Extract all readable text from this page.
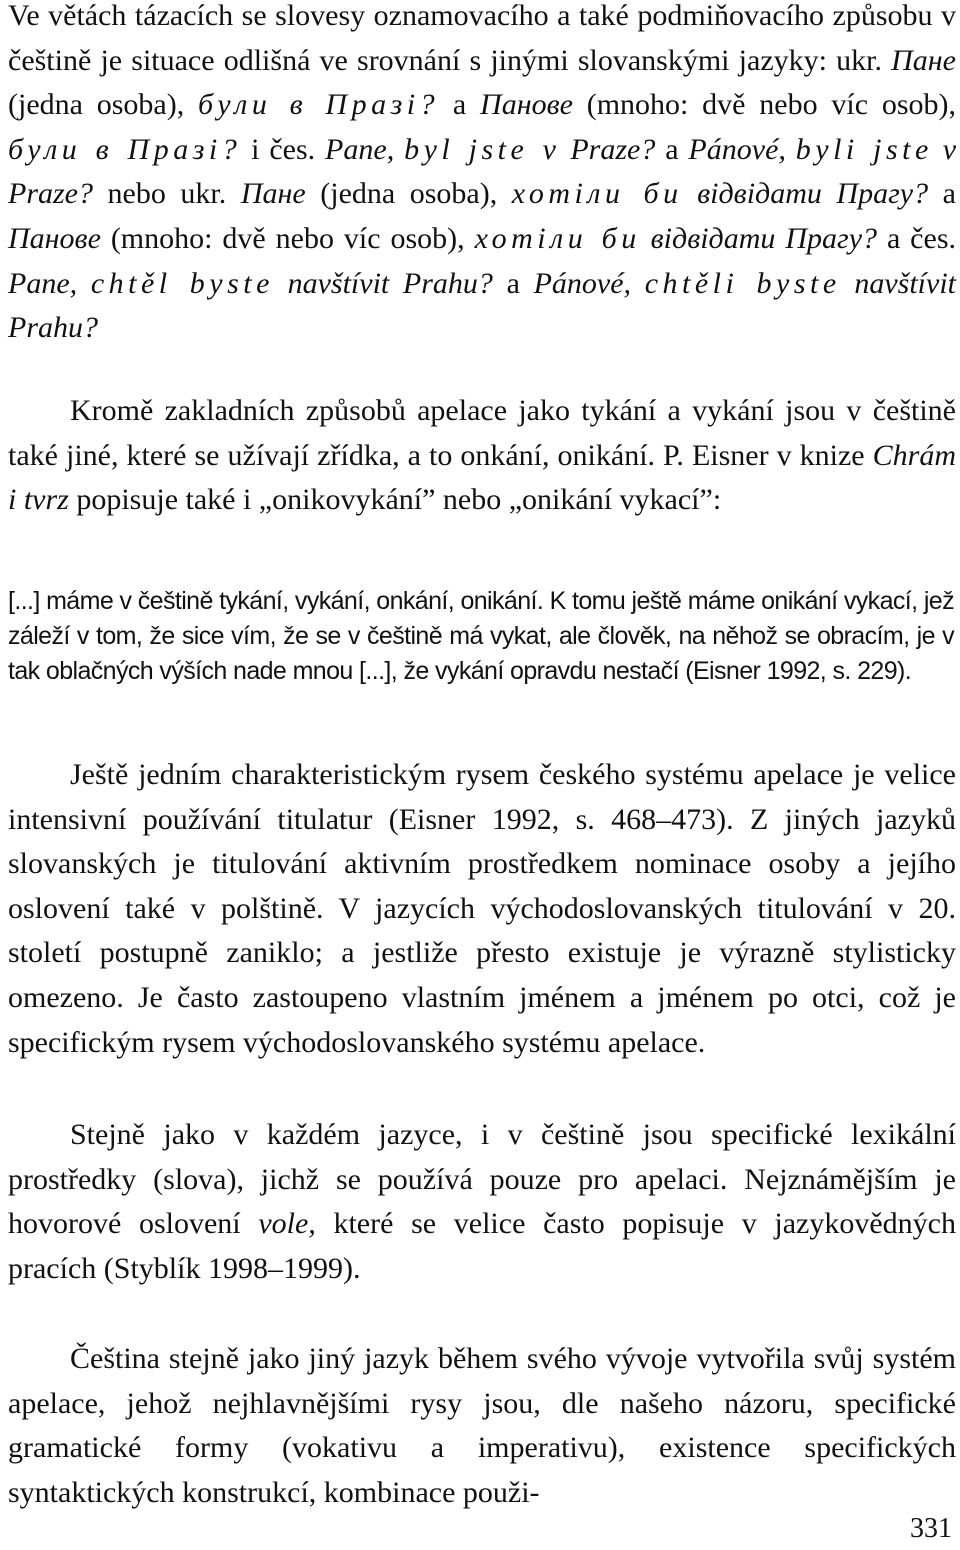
Ve větách tázacích se slovesy oznamovacího a také podmiňovacího způsobu v češtině je situace odlišná ve srovnání s jinými slovanskými jazyky: ukr. Пане (jedna osoba), були в Празі? a Панове (mnoho: dvě nebo víc osob), були в Празі? i čes. Pane, byl jste v Praze? a Pánové, byli jste v Praze? nebo ukr. Пане (jedna osoba), хотіли би відвідати Прагу? a Панове (mnoho: dvě nebo víc osob), хотіли би відвідати Прагу? a čes. Pane, chtěl byste navštívit Prahu? a Pánové, chtěli byste navštívit Prahu?

Kromě zakladních způsobů apelace jako tykání a vykání jsou v češtině také jiné, které se užívají zřídka, a to onkání, onikání. P. Eisner v knize Chrám i tvrz popisuje také i „onikovykání” nebo „onikání vykací”:

[...] máme v češtině tykání, vykání, onkání, onikání. K tomu ještě máme onikání vykací, jež záleží v tom, že sice vím, že se v češtině má vykat, ale člověk, na něhož se obracím, je v tak oblačných výších nade mnou [...], že vykání opravdu nestačí (Eisner 1992, s. 229).

Ještě jedním charakteristickým rysem českého systému apelace je velice intensivní používání titulatur (Eisner 1992, s. 468–473). Z jiných jazyků slovanských je titulování aktivním prostředkem nominace osoby a jejího oslovení také v polštině. V jazycích východoslovanských titulování v 20. století postupně zaniklo; a jestliže přesto existuje je výrazně stylisticky omezeno. Je často zastoupeno vlastním jménem a jménem po otci, což je specifickým rysem východoslovanského systému apelace.

Stejně jako v každém jazyce, i v češtině jsou specifické lexikální prostředky (slova), jichž se používá pouze pro apelaci. Nejznámějším je hovorové oslovení vole, které se velice často popisuje v jazykovědných pracích (Styblík 1998–1999).

Čeština stejně jako jiný jazyk během svého vývoje vytvořila svůj systém apelace, jehož nejhlavnějšími rysy jsou, dle našeho názoru, specifické gramatické formy (vokativu a imperativu), existence specifických syntaktických konstrukcí, kombinace použi-

331
